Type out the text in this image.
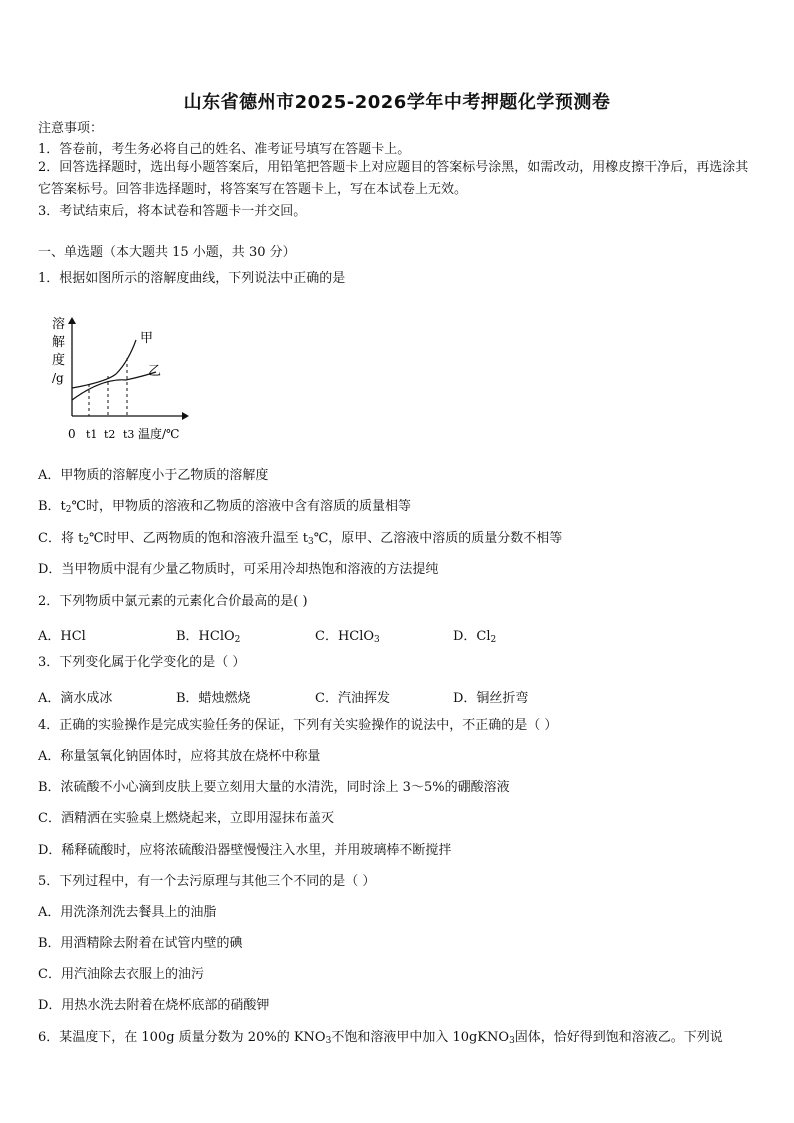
山东省德州市2025-2026学年中考押题化学预测卷
注意事项：
1．答卷前，考生务必将自己的姓名、准考证号填写在答题卡上。
2．回答选择题时，选出每小题答案后，用铅笔把答题卡上对应题目的答案标号涂黑，如需改动，用橡皮擦干净后，再选涂其它答案标号。回答非选择题时，将答案写在答题卡上，写在本试卷上无效。
3．考试结束后，将本试卷和答题卡一并交回。
一、单选题（本大题共 15 小题，共 30 分）
1．根据如图所示的溶解度曲线，下列说法中正确的是
溶
解
度
/g
甲
乙
0 t1 t2 t3 温度/℃
A．甲物质的溶解度小于乙物质的溶解度
B．$t_2℃$时，甲物质的溶液和乙物质的溶液中含有溶质的质量相等
C．将 $t_2℃$时甲、乙两物质的饱和溶液升温至 $t_3℃$，原甲、乙溶液中溶质的质量分数不相等
D．当甲物质中混有少量乙物质时，可采用冷却热饱和溶液的方法提纯
2．下列物质中氯元素的元素化合价最高的是( )
A．HCl	B．HClO$_2$	C．HClO$_3$	D．$Cl_2$
3．下列变化属于化学变化的是（ ）
A．滴水成冰	B．蜡烛燃烧	C．汽油挥发	D．铜丝折弯
4．正确的实验操作是完成实验任务的保证，下列有关实验操作的说法中，不正确的是（ ）
A．称量氢氧化钠固体时，应将其放在烧杯中称量
B．浓硫酸不小心滴到皮肤上要立刻用大量的水清洗，同时涂上 3～5%的硼酸溶液
C．酒精洒在实验桌上燃烧起来，立即用湿抹布盖灭
D．稀释硫酸时，应将浓硫酸沿器壁慢慢注入水里，并用玻璃棒不断搅拌
5．下列过程中，有一个去污原理与其他三个不同的是（ ）
A．用洗涤剂洗去餐具上的油脂
B．用酒精除去附着在试管内壁的碘
C．用汽油除去衣服上的油污
D．用热水洗去附着在烧杯底部的硝酸钾
6．某温度下，在 100g 质量分数为 20%的 $KNO_3$不饱和溶液甲中加入 10gKNO$_3$固体，恰好得到饱和溶液乙。下列说
